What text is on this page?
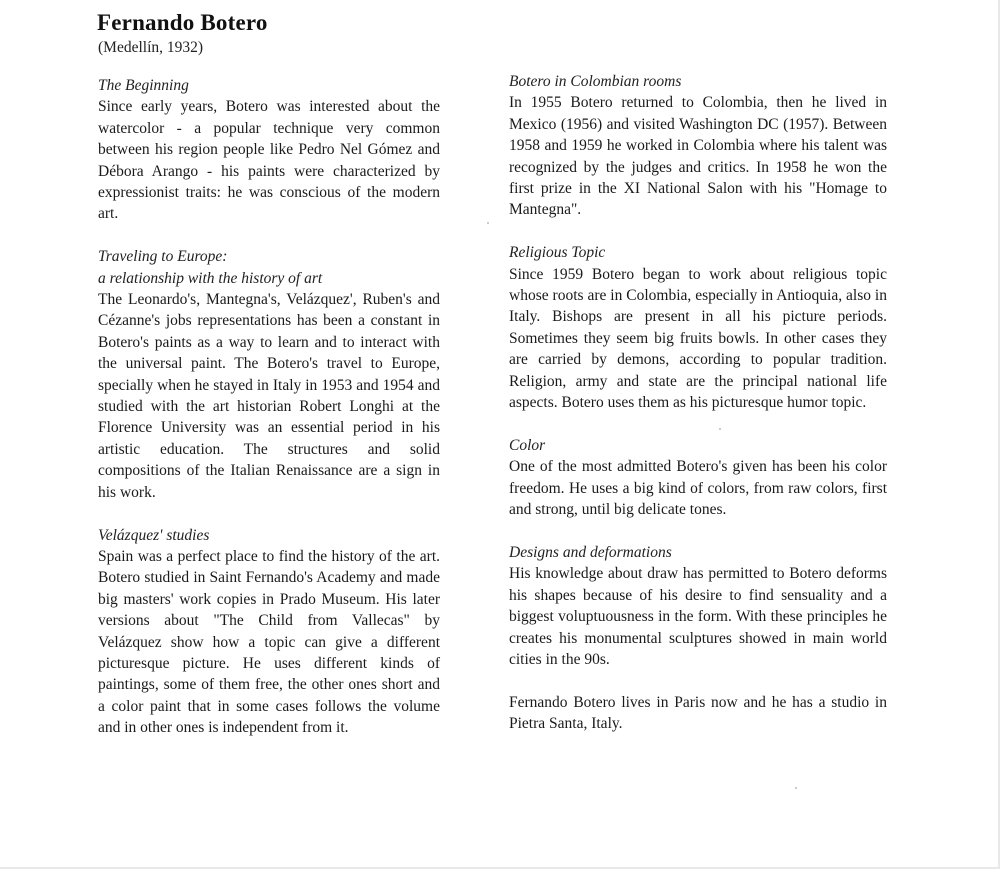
Fernando Botero
(Medellín, 1932)
The Beginning
Since early years, Botero was interested about the watercolor - a popular technique very common between his region people like Pedro Nel Gómez and Débora Arango - his paints were characterized by expressionist traits: he was conscious of the modern art.
Traveling to Europe:
a relationship with the history of art
The Leonardo's, Mantegna's, Velázquez', Ruben's and Cézanne's jobs representations has been a constant in Botero's paints as a way to learn and to interact with the universal paint. The Botero's travel to Europe, specially when he stayed in Italy in 1953 and 1954 and studied with the art historian Robert Longhi at the Florence University was an essential period in his artistic education. The structures and solid compositions of the Italian Renaissance are a sign in his work.
Velázquez' studies
Spain was a perfect place to find the history of the art. Botero studied in Saint Fernando's Academy and made big masters' work copies in Prado Museum. His later versions about "The Child from Vallecas" by Velázquez show how a topic can give a different picturesque picture. He uses different kinds of paintings, some of them free, the other ones short and a color paint that in some cases follows the volume and in other ones is independent from it.
Botero in Colombian rooms
In 1955 Botero returned to Colombia, then he lived in Mexico (1956) and visited Washington DC (1957). Between 1958 and 1959 he worked in Colombia where his talent was recognized by the judges and critics. In 1958 he won the first prize in the XI National Salon with his "Homage to Mantegna".
Religious Topic
Since 1959 Botero began to work about religious topic whose roots are in Colombia, especially in Antioquia, also in Italy. Bishops are present in all his picture periods. Sometimes they seem big fruits bowls. In other cases they are carried by demons, according to popular tradition. Religion, army and state are the principal national life aspects. Botero uses them as his picturesque humor topic.
Color
One of the most admitted Botero's given has been his color freedom. He uses a big kind of colors, from raw colors, first and strong, until big delicate tones.
Designs and deformations
His knowledge about draw has permitted to Botero deforms his shapes because of his desire to find sensuality and a biggest voluptuousness in the form. With these principles he creates his monumental sculptures showed in main world cities in the 90s.
Fernando Botero lives in Paris now and he has a studio in Pietra Santa, Italy.
